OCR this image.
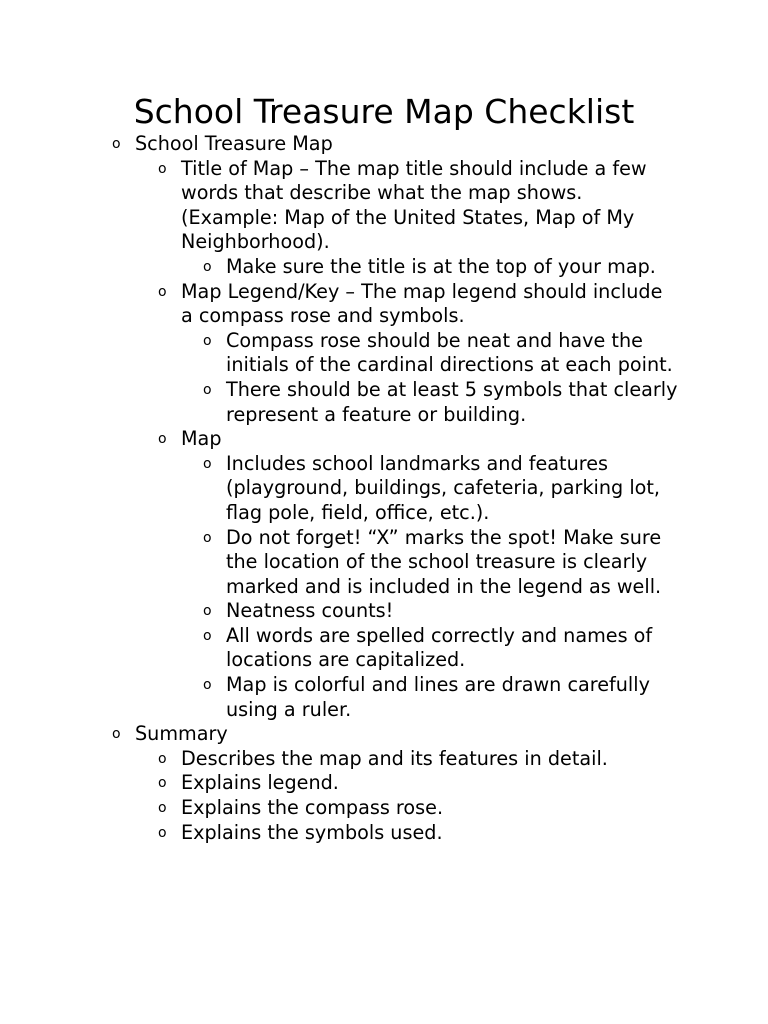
School Treasure Map Checklist
o School Treasure Map
o Title of Map – The map title should include a few words that describe what the map shows. (Example: Map of the United States, Map of My Neighborhood).
o Make sure the title is at the top of your map.
o Map Legend/Key – The map legend should include a compass rose and symbols.
o Compass rose should be neat and have the initials of the cardinal directions at each point.
o There should be at least 5 symbols that clearly represent a feature or building.
o Map
o Includes school landmarks and features (playground, buildings, cafeteria, parking lot, flag pole, field, office, etc.).
o Do not forget! “X” marks the spot! Make sure the location of the school treasure is clearly marked and is included in the legend as well.
o Neatness counts!
o All words are spelled correctly and names of locations are capitalized.
o Map is colorful and lines are drawn carefully using a ruler.
o Summary
o Describes the map and its features in detail.
o Explains legend.
o Explains the compass rose.
o Explains the symbols used.
